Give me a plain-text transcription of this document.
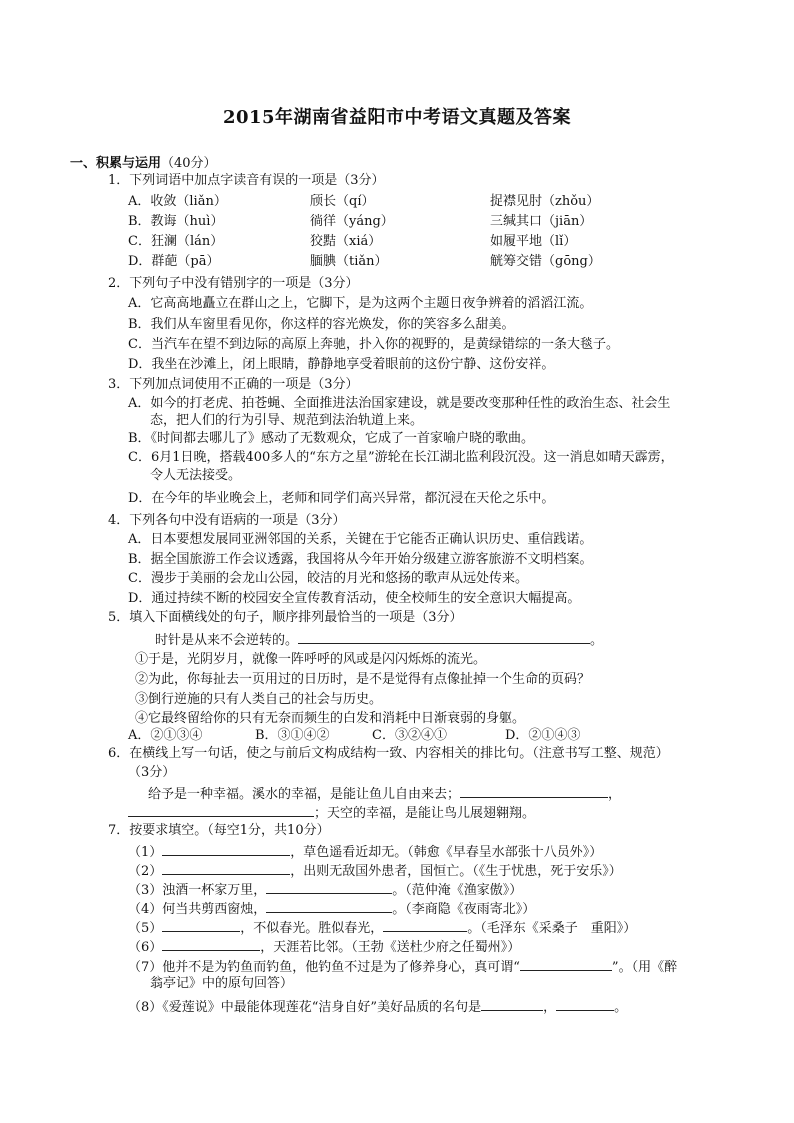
2015年湖南省益阳市中考语文真题及答案
一、积累与运用（40分）
1．下列词语中加点字读音有误的一项是（3分）
A．收敛（liǎn）	颀长（qí）	捉襟见肘（zhǒu）
B．教诲（huì）	徜徉（yáng）	三缄其口（jiān）
C．狂澜（lán）	狡黠（xiá）	如履平地（lǐ）
D．群葩（pā）	腼腆（tiǎn）	觥筹交错（gōng）
2．下列句子中没有错别字的一项是（3分）
A．它高高地矗立在群山之上，它脚下，是为这两个主题日夜争辨着的滔滔江流。
B．我们从车窗里看见你，你这样的容光焕发，你的笑容多么甜美。
C．当汽车在望不到边际的高原上奔驰，扑入你的视野的，是黄绿错综的一条大毯子。
D．我坐在沙滩上，闭上眼睛，静静地享受着眼前的这份宁静、这份安祥。
3．下列加点词使用不正确的一项是（3分）
A．如今的打老虎、拍苍蝇、全面推进法治国家建设，就是要改变那种任性的政治生态、社会生
态，把人们的行为引导、规范到法治轨道上来。
B．《时间都去哪儿了》感动了无数观众，它成了一首家喻户晓的歌曲。
C．6月1日晚，搭载400多人的“东方之星”游轮在长江湖北监利段沉没。这一消息如晴天霹雳，
令人无法接受。
D．在今年的毕业晚会上，老师和同学们高兴异常，都沉浸在天伦之乐中。
4．下列各句中没有语病的一项是（3分）
A．日本要想发展同亚洲邻国的关系，关键在于它能否正确认识历史、重信践诺。
B．据全国旅游工作会议透露，我国将从今年开始分级建立游客旅游不文明档案。
C．漫步于美丽的会龙山公园，皎洁的月光和悠扬的歌声从远处传来。
D．通过持续不断的校园安全宣传教育活动，使全校师生的安全意识大幅提高。
5．填入下面横线处的句子，顺序排列最恰当的一项是（3分）
时针是从来不会逆转的。	。
①于是，光阴岁月，就像一阵呼呼的风或是闪闪烁烁的流光。
②为此，你每扯去一页用过的日历时，是不是觉得有点像扯掉一个生命的页码？
③倒行逆施的只有人类自己的社会与历史。
④它最终留给你的只有无奈而频生的白发和消耗中日渐衰弱的身躯。
A．②①③④	B．③①④②	C．③②④①	D．②①④③
6．在横线上写一句话，使之与前后文构成结构一致、内容相关的排比句。（注意书写工整、规范）
（3分）
给予是一种幸福。溪水的幸福，是能让鱼儿自由来去；	，
；天空的幸福，是能让鸟儿展翅翱翔。
7．按要求填空。（每空1分，共10分）
（1）	，草色遥看近却无。（韩愈《早春呈水部张十八员外》）
（2）	，出则无敌国外患者，国恒亡。（《生于忧患，死于安乐》）
（3）浊酒一杯家万里，	。（范仲淹《渔家傲》）
（4）何当共剪西窗烛，	。（李商隐《夜雨寄北》）
（5）	，不似春光。胜似春光，	。（毛泽东《采桑子　重阳》）
（6）	，天涯若比邻。（王勃《送杜少府之任蜀州》）
（7）他并不是为钓鱼而钓鱼，他钓鱼不过是为了修养身心，真可谓“	”。（用《醉
翁亭记》中的原句回答）
（8）《爱莲说》中最能体现莲花“洁身自好”美好品质的名句是	，	。
